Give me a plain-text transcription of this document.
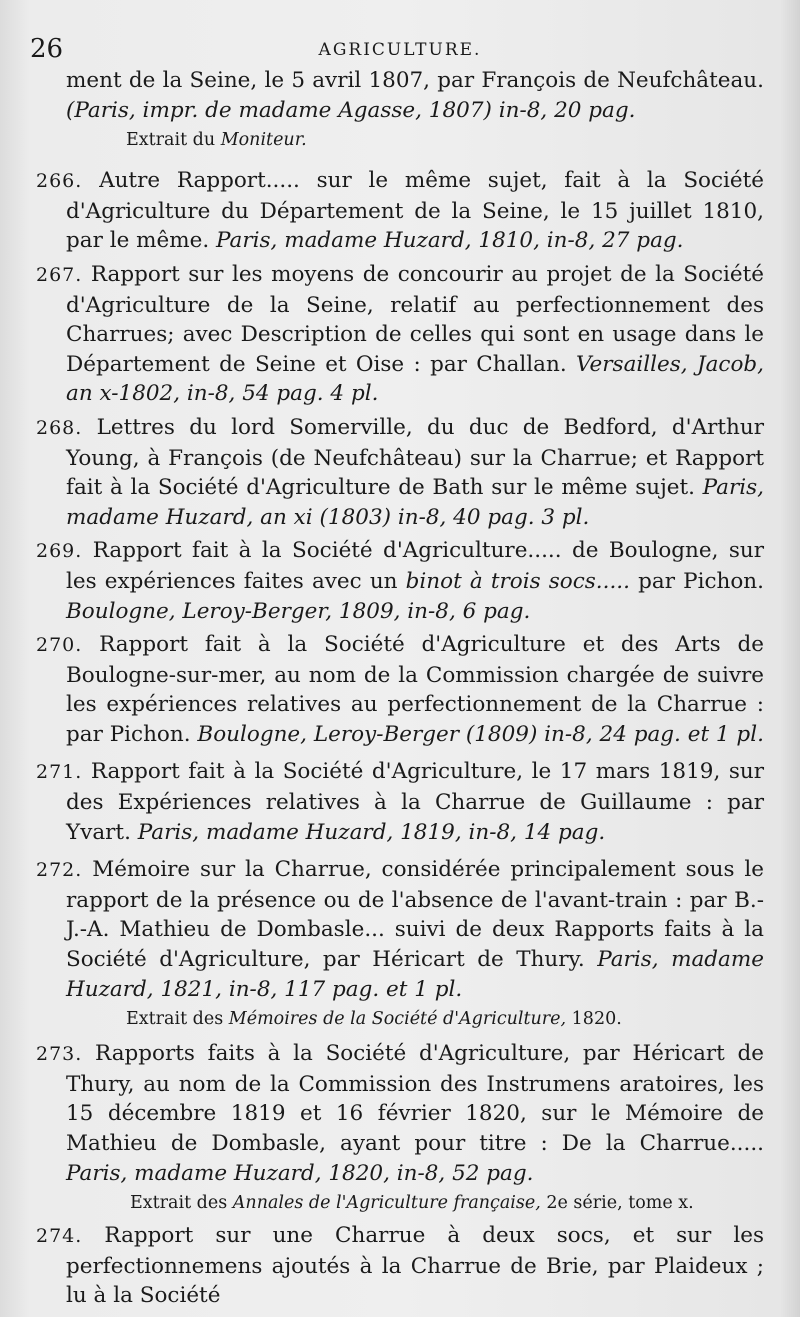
26	AGRICULTURE.
ment de la Seine, le 5 avril 1807, par François de Neufchâteau. (Paris, impr. de madame Agasse, 1807) in-8, 20 pag.
Extrait du Moniteur.
266. Autre Rapport..... sur le même sujet, fait à la Société d'Agriculture du Département de la Seine, le 15 juillet 1810, par le même. Paris, madame Huzard, 1810, in-8, 27 pag.
267. Rapport sur les moyens de concourir au projet de la Société d'Agriculture de la Seine, relatif au perfectionnement des Charrues; avec Description de celles qui sont en usage dans le Département de Seine et Oise : par Challan. Versailles, Jacob, an x-1802, in-8, 54 pag. 4 pl.
268. Lettres du lord Somerville, du duc de Bedford, d'Arthur Young, à François (de Neufchâteau) sur la Charrue; et Rapport fait à la Société d'Agriculture de Bath sur le même sujet. Paris, madame Huzard, an xi (1803) in-8, 40 pag. 3 pl.
269. Rapport fait à la Société d'Agriculture..... de Boulogne, sur les expériences faites avec un binot à trois socs..... par Pichon. Boulogne, Leroy-Berger, 1809, in-8, 6 pag.
270. Rapport fait à la Société d'Agriculture et des Arts de Boulogne-sur-mer, au nom de la Commission chargée de suivre les expériences relatives au perfectionnement de la Charrue : par Pichon. Boulogne, Leroy-Berger (1809) in-8, 24 pag. et 1 pl.
271. Rapport fait à la Société d'Agriculture, le 17 mars 1819, sur des Expériences relatives à la Charrue de Guillaume : par Yvart. Paris, madame Huzard, 1819, in-8, 14 pag.
272. Mémoire sur la Charrue, considérée principalement sous le rapport de la présence ou de l'absence de l'avant-train : par B.-J.-A. Mathieu de Dombasle... suivi de deux Rapports faits à la Société d'Agriculture, par Héricart de Thury. Paris, madame Huzard, 1821, in-8, 117 pag. et 1 pl.
Extrait des Mémoires de la Société d'Agriculture, 1820.
273. Rapports faits à la Société d'Agriculture, par Héricart de Thury, au nom de la Commission des Instrumens aratoires, les 15 décembre 1819 et 16 février 1820, sur le Mémoire de Mathieu de Dombasle, ayant pour titre : De la Charrue..... Paris, madame Huzard, 1820, in-8, 52 pag.
Extrait des Annales de l'Agriculture française, 2e série, tome x.
274. Rapport sur une Charrue à deux socs, et sur les perfectionnemens ajoutés à la Charrue de Brie, par Plaideux ; lu à la Société
